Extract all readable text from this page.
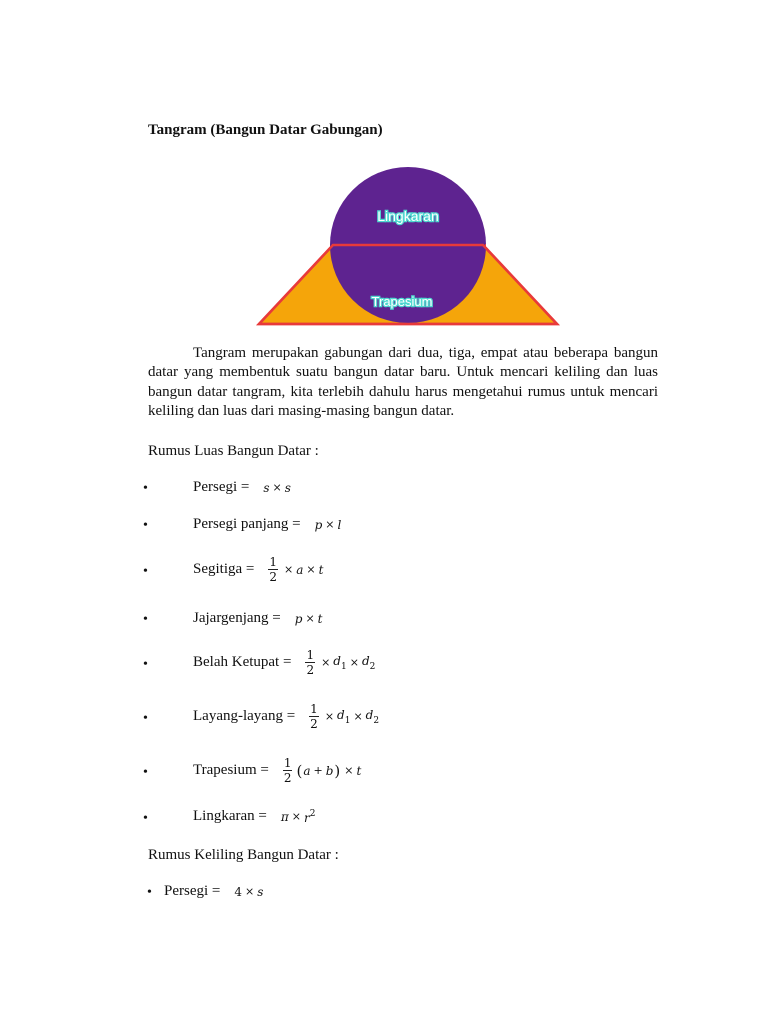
Tangram (Bangun Datar Gabungan)
Lingkaran
Trapesium

Tangram merupakan gabungan dari dua, tiga, empat atau beberapa bangun datar yang membentuk suatu bangun datar baru. Untuk mencari keliling dan luas bangun datar tangram, kita terlebih dahulu harus mengetahui rumus untuk mencari keliling dan luas dari masing-masing bangun datar.

Rumus Luas Bangun Datar :

•	Persegi = s × s
•	Persegi panjang = p × l
•	Segitiga = $\frac{1}{2} \times a \times t$
•	Jajargenjang = p × t
•	Belah Ketupat = $\frac{1}{2} \times d_1 \times d_2$
•	Layang-layang = $\frac{1}{2} \times d_1 \times d_2$
•	Trapesium = $\frac{1}{2}$ ( a + b ) × t
•	Lingkaran = $\pi \times r^2$

Rumus Keliling Bangun Datar :

• Persegi = 4 × s
